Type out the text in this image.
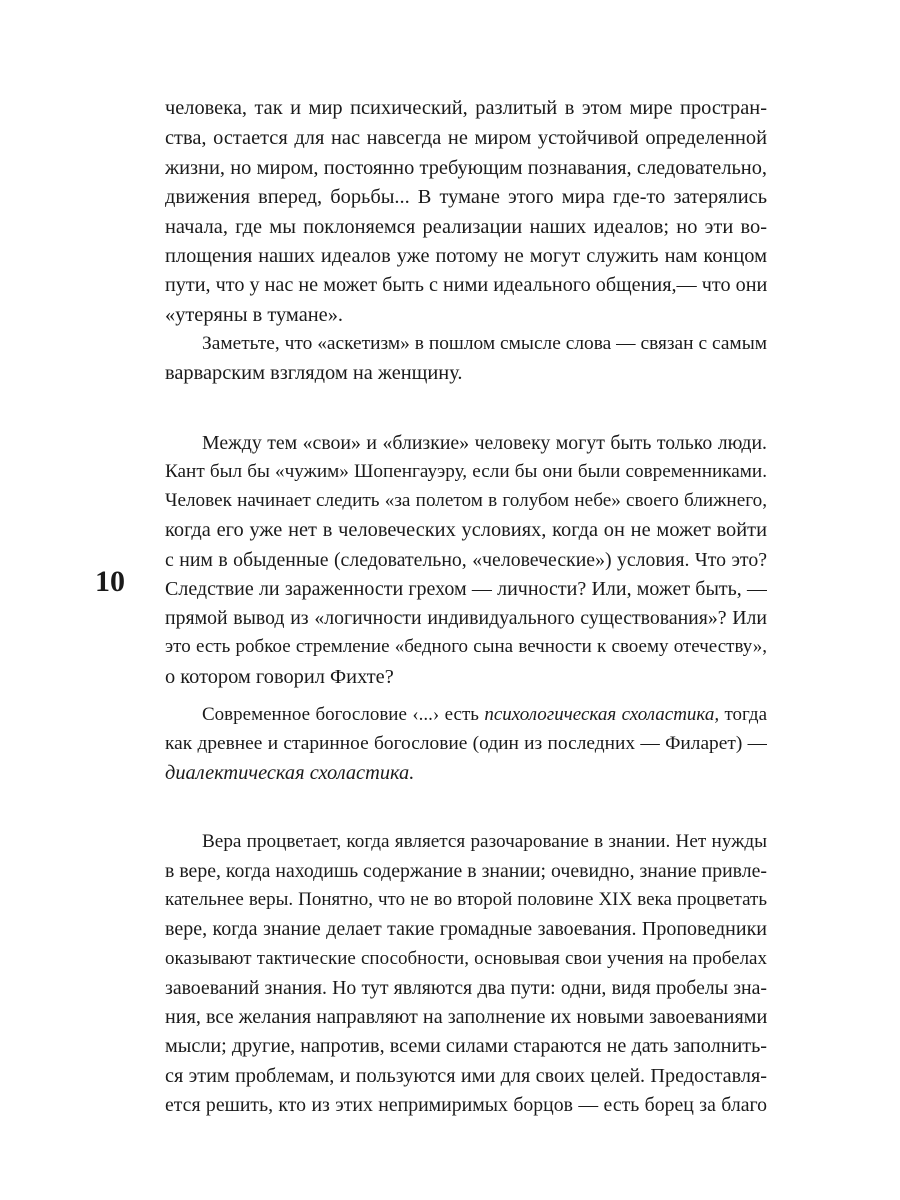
10
человека, так и мир психический, разлитый в этом мире простран-
ства, остается для нас навсегда не миром устойчивой определенной
жизни, но миром, постоянно требующим познавания, следовательно,
движения вперед, борьбы... В тумане этого мира где-то затерялись
начала, где мы поклоняемся реализации наших идеалов; но эти во-
площения наших идеалов уже потому не могут служить нам концом
пути, что у нас не может быть с ними идеального общения,— что они
«утеряны в тумане».
Заметьте, что «аскетизм» в пошлом смысле слова — связан с самым
варварским взглядом на женщину.
Между тем «свои» и «близкие» человеку могут быть только люди.
Кант был бы «чужим» Шопенгауэру, если бы они были современниками.
Человек начинает следить «за полетом в голубом небе» своего ближнего,
когда его уже нет в человеческих условиях, когда он не может войти
с ним в обыденные (следовательно, «человеческие») условия. Что это?
Следствие ли зараженности грехом — личности? Или, может быть, —
прямой вывод из «логичности индивидуального существования»? Или
это есть робкое стремление «бедного сына вечности к своему отечеству»,
о котором говорил Фихте?
Современное богословие ‹...› есть психологическая схоластика, тогда
как древнее и старинное богословие (один из последних — Филарет) —
диалектическая схоластика.
Вера процветает, когда является разочарование в знании. Нет нужды
в вере, когда находишь содержание в знании; очевидно, знание привле-
кательнее веры. Понятно, что не во второй половине XIX века процветать
вере, когда знание делает такие громадные завоевания. Проповедники
оказывают тактические способности, основывая свои учения на пробелах
завоеваний знания. Но тут являются два пути: одни, видя пробелы зна-
ния, все желания направляют на заполнение их новыми завоеваниями
мысли; другие, напротив, всеми силами стараются не дать заполнить-
ся этим проблемам, и пользуются ими для своих целей. Предоставля-
ется решить, кто из этих непримиримых борцов — есть борец за благо
